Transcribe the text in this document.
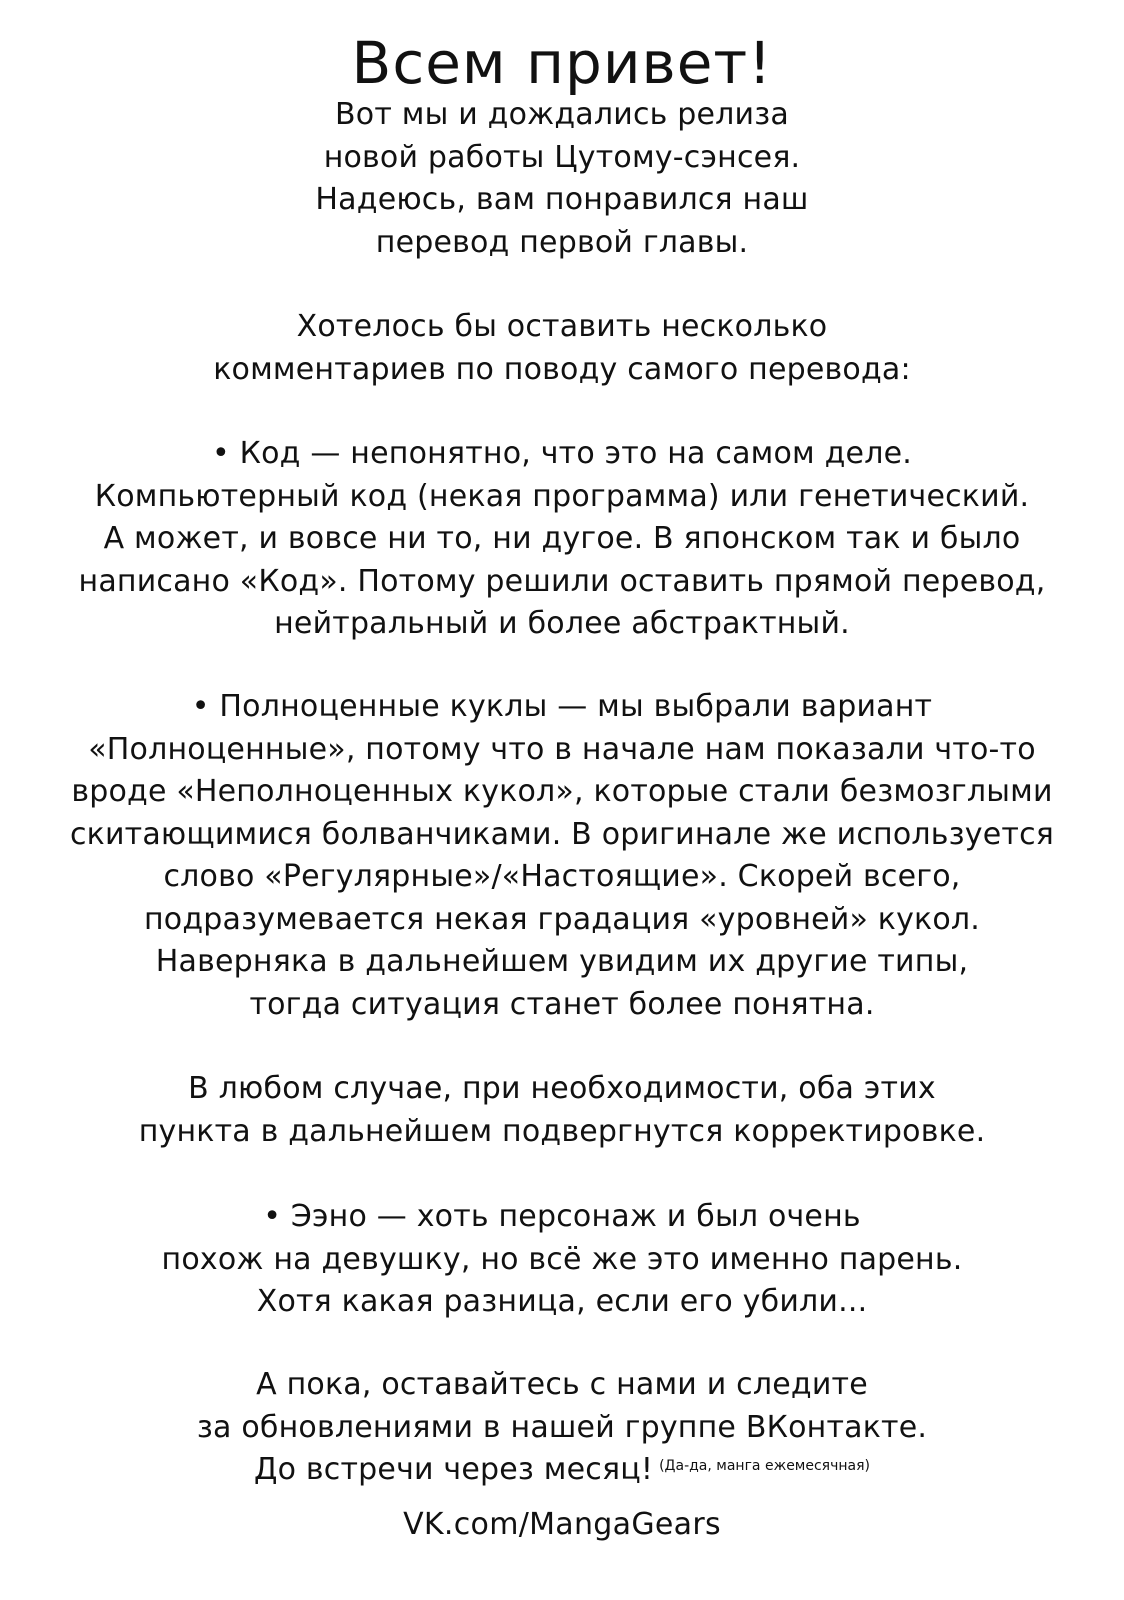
Всем привет!
Вот мы и дождались релиза
новой работы Цутому-сэнсея.
Надеюсь, вам понравился наш
перевод первой главы.
Хотелось бы оставить несколько
комментариев по поводу самого перевода:
• Код — непонятно, что это на самом деле.
Компьютерный код (некая программа) или генетический.
А может, и вовсе ни то, ни дугое. В японском так и было
написано «Код». Потому решили оставить прямой перевод,
нейтральный и более абстрактный.
• Полноценные куклы — мы выбрали вариант
«Полноценные», потому что в начале нам показали что-то
вроде «Неполноценных кукол», которые стали безмозглыми
скитающимися болванчиками. В оригинале же используется
слово «Регулярные»/«Настоящие». Скорей всего,
подразумевается некая градация «уровней» кукол.
Наверняка в дальнейшем увидим их другие типы,
тогда ситуация станет более понятна.
В любом случае, при необходимости, оба этих
пункта в дальнейшем подвергнутся корректировке.
• Ээно — хоть персонаж и был очень
похож на девушку, но всё же это именно парень.
Хотя какая разница, если его убили...
А пока, оставайтесь с нами и следите
за обновлениями в нашей группе ВКонтакте.
До встречи через месяц! $^{(Да-да, манга ежемесячная)}$
VK.com/MangaGears
